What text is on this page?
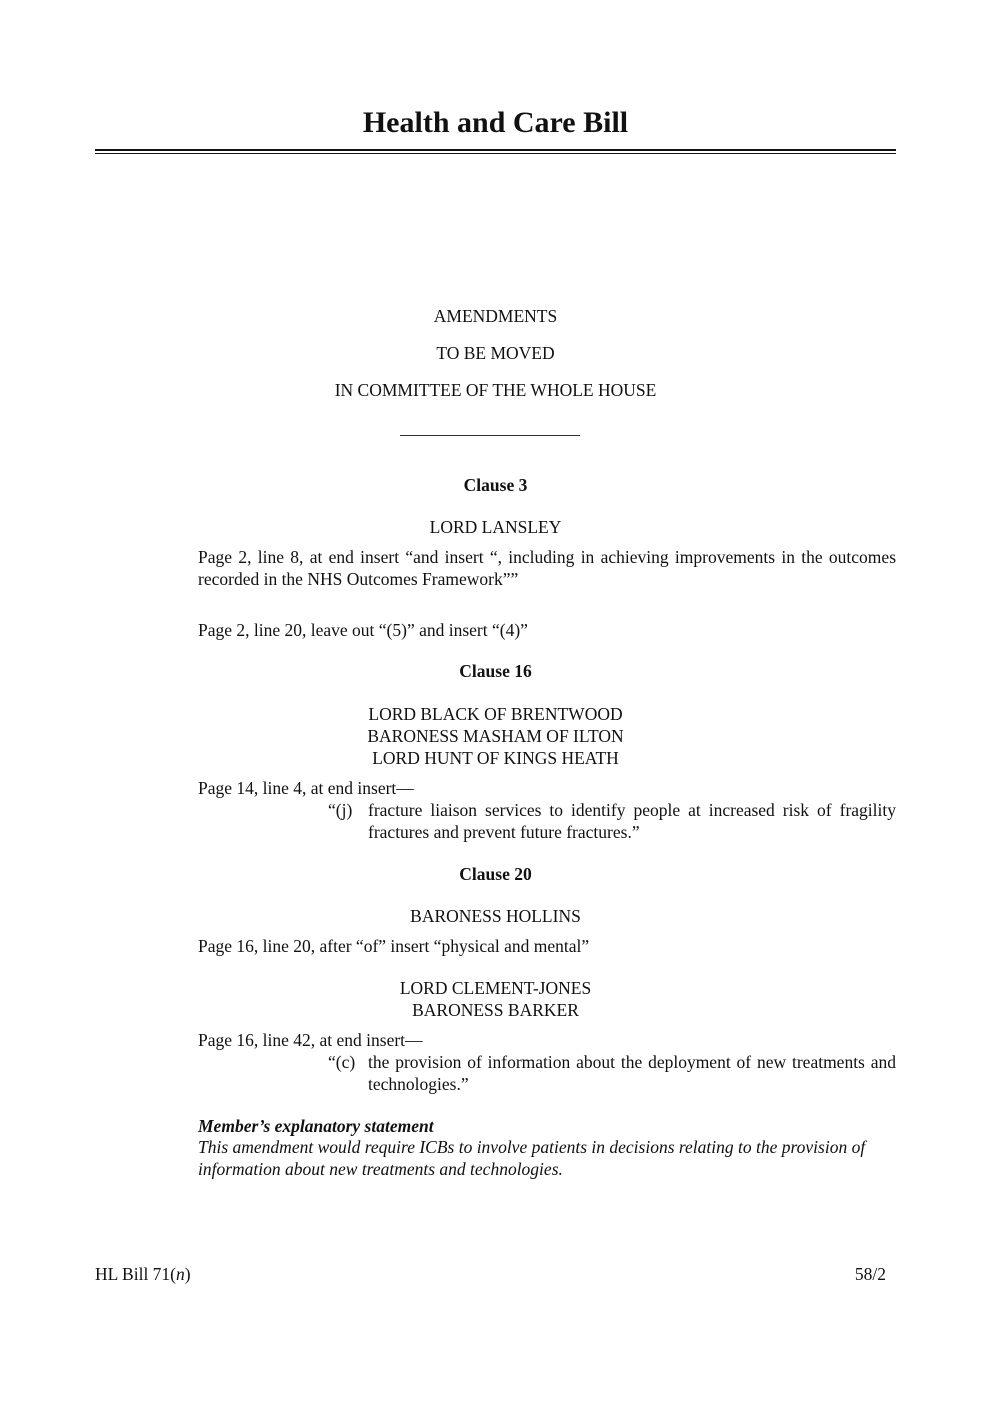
Health and Care Bill
AMENDMENTS
TO BE MOVED
IN COMMITTEE OF THE WHOLE HOUSE
Clause 3
LORD LANSLEY
Page 2, line 8, at end insert “and insert “, including in achieving improvements in the outcomes recorded in the NHS Outcomes Framework””
Page 2, line 20, leave out “(5)” and insert “(4)”
Clause 16
LORD BLACK OF BRENTWOOD
BARONESS MASHAM OF ILTON
LORD HUNT OF KINGS HEATH
Page 14, line 4, at end insert—
“(j) fracture liaison services to identify people at increased risk of fragility fractures and prevent future fractures.”
Clause 20
BARONESS HOLLINS
Page 16, line 20, after “of” insert “physical and mental”
LORD CLEMENT-JONES
BARONESS BARKER
Page 16, line 42, at end insert—
“(c) the provision of information about the deployment of new treatments and technologies.”
Member’s explanatory statement
This amendment would require ICBs to involve patients in decisions relating to the provision of information about new treatments and technologies.
HL Bill 71(n)	58/2
